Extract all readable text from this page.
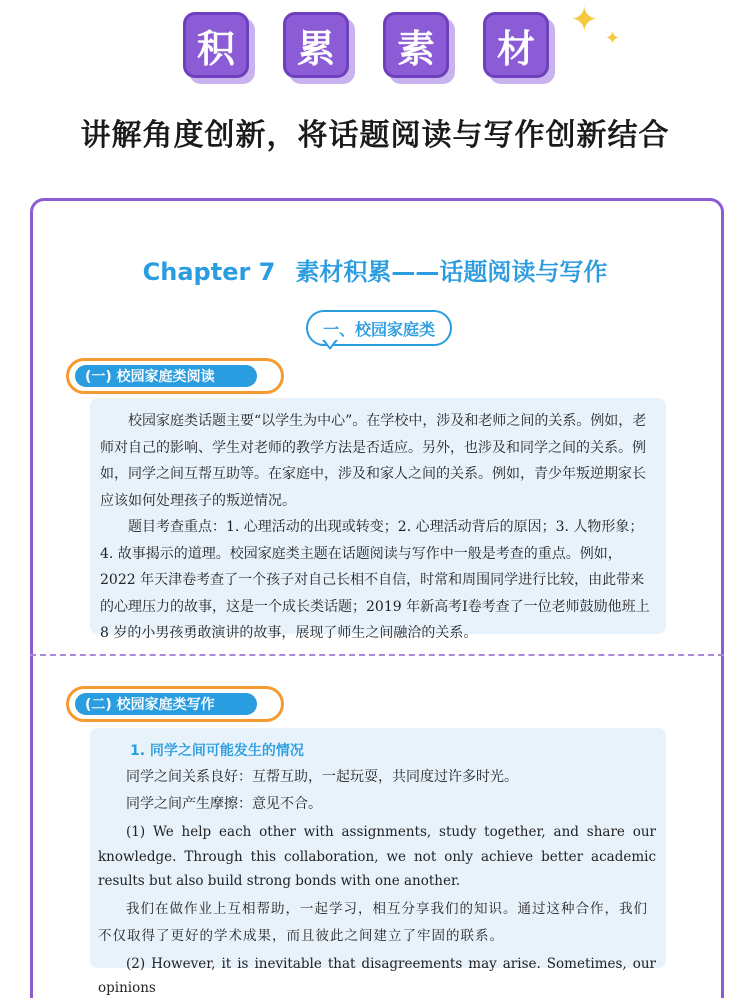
积	累	素	材
✦ ✦
讲解角度创新，将话题阅读与写作创新结合
Chapter 7 素材积累——话题阅读与写作
一、校园家庭类
(一) 校园家庭类阅读

校园家庭类话题主要“以学生为中心”。在学校中，涉及和老师之间的关系。例如，老师对自己的影响、学生对老师的教学方法是否适应。另外，也涉及和同学之间的关系。例如，同学之间互帮互助等。在家庭中，涉及和家人之间的关系。例如，青少年叛逆期家长应该如何处理孩子的叛逆情况。

题目考查重点：1. 心理活动的出现或转变；2. 心理活动背后的原因；3. 人物形象；4. 故事揭示的道理。校园家庭类主题在话题阅读与写作中一般是考查的重点。例如，2022 年天津卷考查了一个孩子对自己长相不自信，时常和周围同学进行比较，由此带来的心理压力的故事，这是一个成长类话题；2019 年新高考Ⅰ卷考查了一位老师鼓励他班上 8 岁的小男孩勇敢演讲的故事，展现了师生之间融洽的关系。

(二) 校园家庭类写作
1. 同学之间可能发生的情况
同学之间关系良好：互帮互助，一起玩耍，共同度过许多时光。
同学之间产生摩擦：意见不合。
(1) We help each other with assignments, study together, and share our knowledge. Through this collaboration, we not only achieve better academic results but also build strong bonds with one another.
我们在做作业上互相帮助，一起学习，相互分享我们的知识。通过这种合作，我们不仅取得了更好的学术成果，而且彼此之间建立了牢固的联系。
(2) However, it is inevitable that disagreements may arise. Sometimes, our opinions
